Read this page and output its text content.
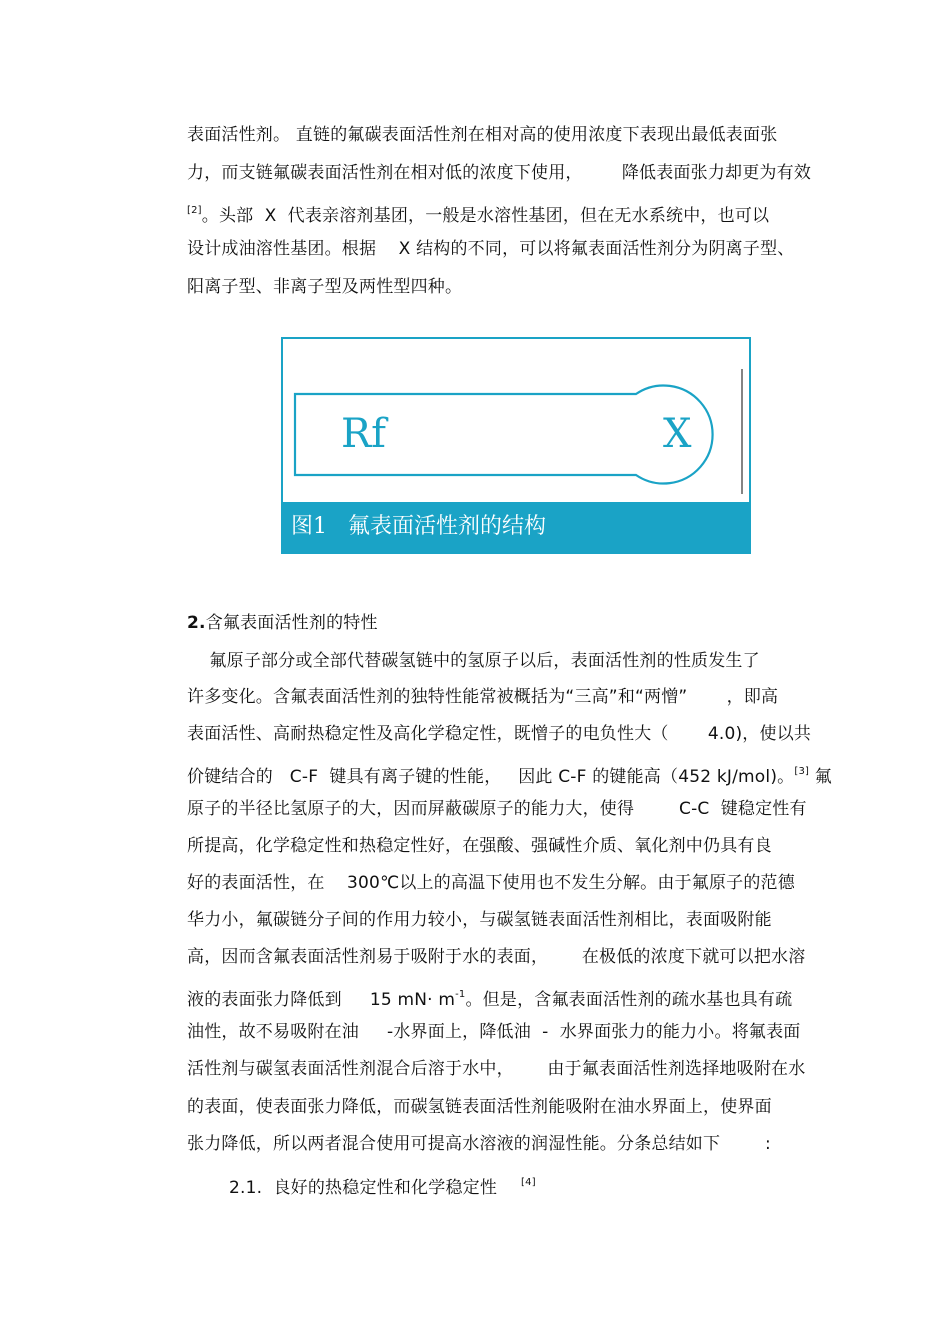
表面活性剂。 直链的氟碳表面活性剂在相对高的使用浓度下表现出最低表面张
力，而支链氟碳表面活性剂在相对低的浓度下使用，       降低表面张力却更为有效
[2]。头部  X  代表亲溶剂基团，一般是水溶性基团，但在无水系统中，也可以
设计成油溶性基团。根据    X 结构的不同，可以将氟表面活性剂分为阴离子型、
阳离子型、非离子型及两性型四种。
Rf	X
图1   氟表面活性剂的结构
2.含氟表面活性剂的特性
氟原子部分或全部代替碳氢链中的氢原子以后，表面活性剂的性质发生了
许多变化。含氟表面活性剂的独特性能常被概括为“三高”和“两憎”       ，即高
表面活性、高耐热稳定性及高化学稳定性，既憎子的电负性大（       4.0)，使以共
价键结合的   C-F  键具有离子键的性能，   因此 C-F 的键能高（452 kJ/mol)。[3] 氟
原子的半径比氢原子的大，因而屏蔽碳原子的能力大，使得        C-C  键稳定性有
所提高，化学稳定性和热稳定性好，在强酸、强碱性介质、氧化剂中仍具有良
好的表面活性，在    300℃以上的高温下使用也不发生分解。由于氟原子的范德
华力小，氟碳链分子间的作用力较小，与碳氢链表面活性剂相比，表面吸附能
高，因而含氟表面活性剂易于吸附于水的表面，      在极低的浓度下就可以把水溶
液的表面张力降低到     15 $mN\cdot m^{-1}$。但是，含氟表面活性剂的疏水基也具有疏
油性，故不易吸附在油     -水界面上，降低油  -  水界面张力的能力小。将氟表面
活性剂与碳氢表面活性剂混合后溶于水中，      由于氟表面活性剂选择地吸附在水
的表面，使表面张力降低，而碳氢链表面活性剂能吸附在油水界面上，使界面
张力降低，所以两者混合使用可提高水溶液的润湿性能。分条总结如下        :
2.1.  良好的热稳定性和化学稳定性 [4]
